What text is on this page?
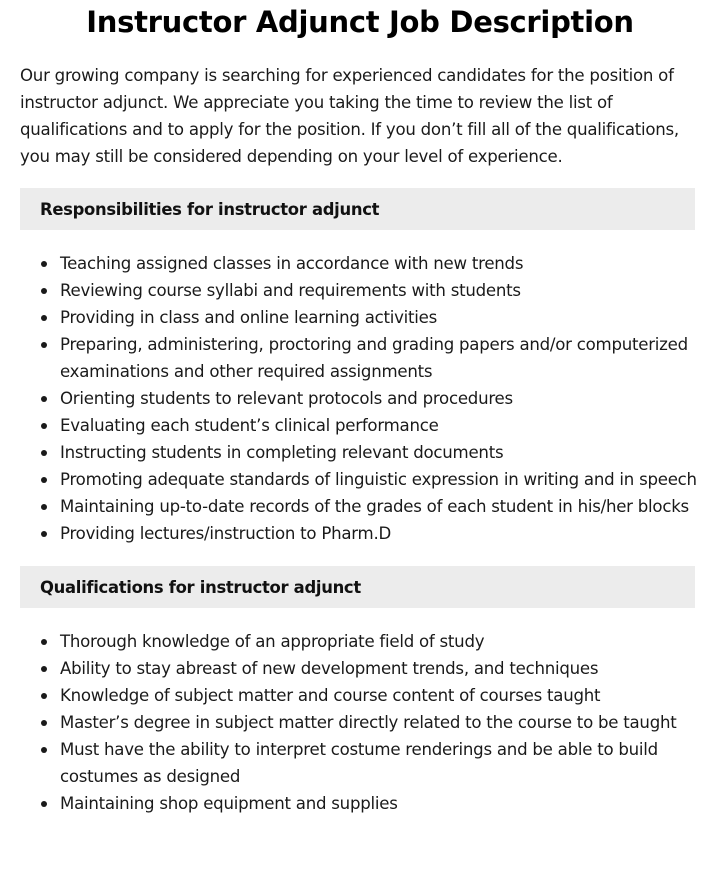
Instructor Adjunct Job Description

Our growing company is searching for experienced candidates for the position of instructor adjunct. We appreciate you taking the time to review the list of qualifications and to apply for the position. If you don’t fill all of the qualifications, you may still be considered depending on your level of experience.

Responsibilities for instructor adjunct
Teaching assigned classes in accordance with new trends
Reviewing course syllabi and requirements with students
Providing in class and online learning activities
Preparing, administering, proctoring and grading papers and/or computerized examinations and other required assignments
Orienting students to relevant protocols and procedures
Evaluating each student’s clinical performance
Instructing students in completing relevant documents
Promoting adequate standards of linguistic expression in writing and in speech
Maintaining up-to-date records of the grades of each student in his/her blocks
Providing lectures/instruction to Pharm.D
Qualifications for instructor adjunct
Thorough knowledge of an appropriate field of study
Ability to stay abreast of new development trends, and techniques
Knowledge of subject matter and course content of courses taught
Master’s degree in subject matter directly related to the course to be taught
Must have the ability to interpret costume renderings and be able to build costumes as designed
Maintaining shop equipment and supplies
